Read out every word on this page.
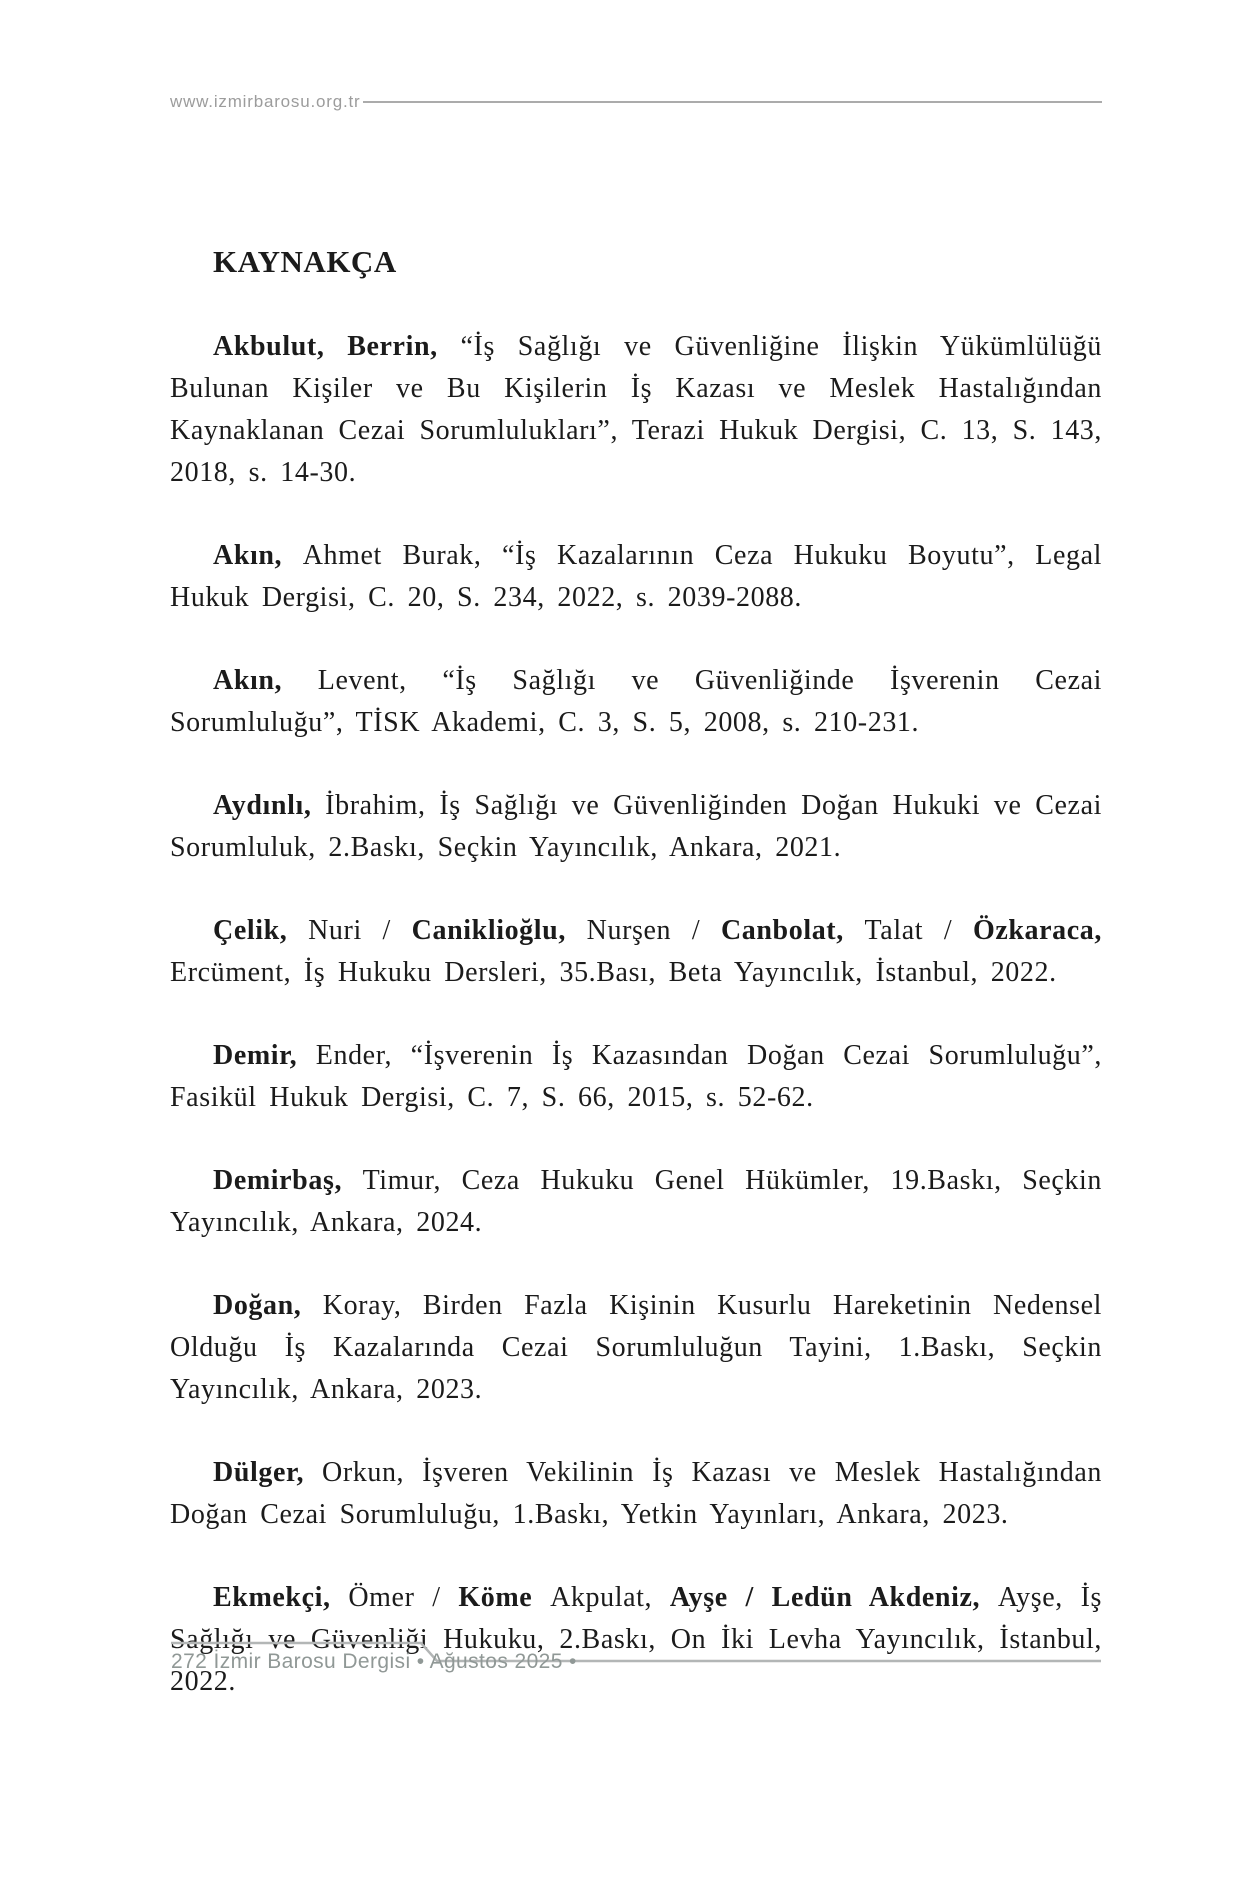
www.izmirbarosu.org.tr
KAYNAKÇA

Akbulut, Berrin, “İş Sağlığı ve Güvenliğine İlişkin Yükümlülüğü Bulunan Kişiler ve Bu Kişilerin İş Kazası ve Meslek Hastalığından Kaynaklanan Cezai Sorumlulukları”, Terazi Hukuk Dergisi, C. 13, S. 143, 2018, s. 14-30.

Akın, Ahmet Burak, “İş Kazalarının Ceza Hukuku Boyutu”, Legal Hukuk Dergisi, C. 20, S. 234, 2022, s. 2039-2088.

Akın, Levent, “İş Sağlığı ve Güvenliğinde İşverenin Cezai Sorumluluğu”, TİSK Akademi, C. 3, S. 5, 2008, s. 210-231.

Aydınlı, İbrahim, İş Sağlığı ve Güvenliğinden Doğan Hukuki ve Cezai Sorumluluk, 2.Baskı, Seçkin Yayıncılık, Ankara, 2021.

Çelik, Nuri / Caniklioğlu, Nurşen / Canbolat, Talat / Özkaraca, Ercüment, İş Hukuku Dersleri, 35.Bası, Beta Yayıncılık, İstanbul, 2022.

Demir, Ender, “İşverenin İş Kazasından Doğan Cezai Sorumluluğu”, Fasikül Hukuk Dergisi, C. 7, S. 66, 2015, s. 52-62.

Demirbaş, Timur, Ceza Hukuku Genel Hükümler, 19.Baskı, Seçkin Yayıncılık, Ankara, 2024.

Doğan, Koray, Birden Fazla Kişinin Kusurlu Hareketinin Nedensel Olduğu İş Kazalarında Cezai Sorumluluğun Tayini, 1.Baskı, Seçkin Yayıncılık, Ankara, 2023.

Dülger, Orkun, İşveren Vekilinin İş Kazası ve Meslek Hastalığından Doğan Cezai Sorumluluğu, 1.Baskı, Yetkin Yayınları, Ankara, 2023.

Ekmekçi, Ömer / Köme Akpulat, Ayşe / Ledün Akdeniz, Ayşe, İş Sağlığı ve Güvenliği Hukuku, 2.Baskı, On İki Levha Yayıncılık, İstanbul, 2022.

272 İzmir Barosu Dergisi • Ağustos 2025 •
